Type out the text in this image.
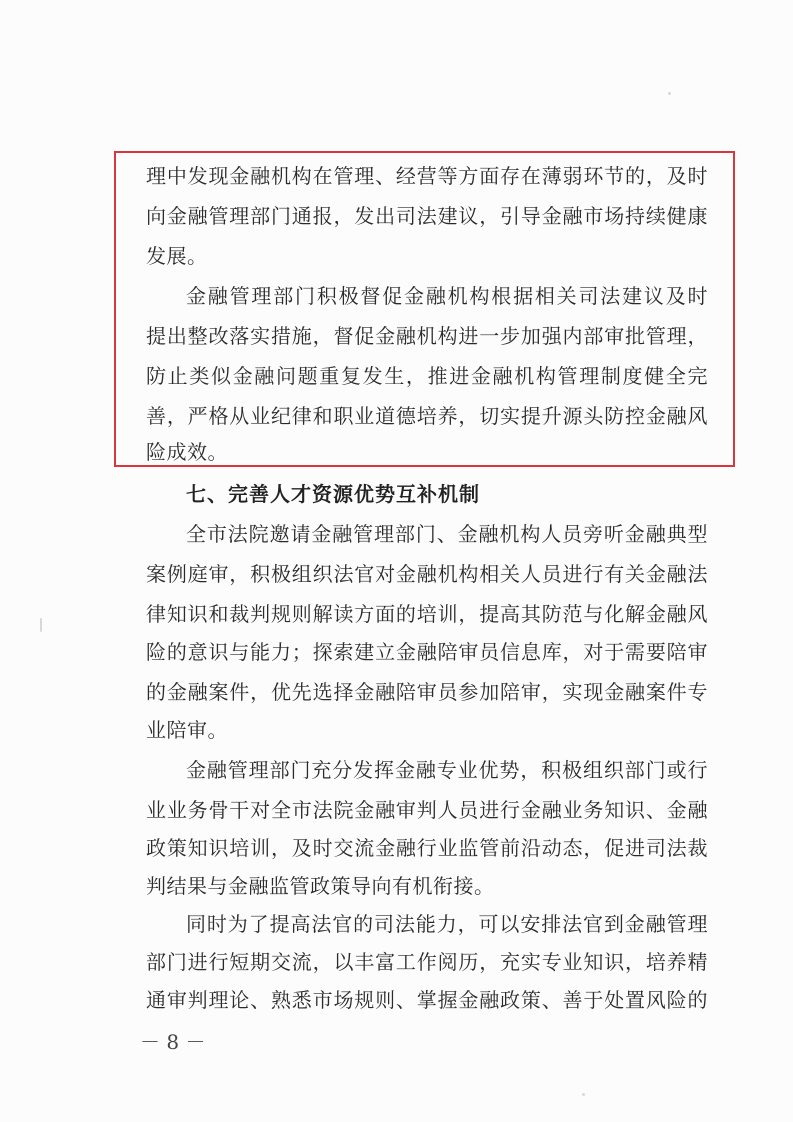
理中发现金融机构在管理、经营等方面存在薄弱环节的，及时
向金融管理部门通报，发出司法建议，引导金融市场持续健康
发展。
金融管理部门积极督促金融机构根据相关司法建议及时
提出整改落实措施，督促金融机构进一步加强内部审批管理，
防止类似金融问题重复发生，推进金融机构管理制度健全完
善，严格从业纪律和职业道德培养，切实提升源头防控金融风
险成效。
七、完善人才资源优势互补机制
全市法院邀请金融管理部门、金融机构人员旁听金融典型
案例庭审，积极组织法官对金融机构相关人员进行有关金融法
律知识和裁判规则解读方面的培训，提高其防范与化解金融风
险的意识与能力；探索建立金融陪审员信息库，对于需要陪审
的金融案件，优先选择金融陪审员参加陪审，实现金融案件专
业陪审。
金融管理部门充分发挥金融专业优势，积极组织部门或行
业业务骨干对全市法院金融审判人员进行金融业务知识、金融
政策知识培训，及时交流金融行业监管前沿动态，促进司法裁
判结果与金融监管政策导向有机衔接。
同时为了提高法官的司法能力，可以安排法官到金融管理
部门进行短期交流，以丰富工作阅历，充实专业知识，培养精
通审判理论、熟悉市场规则、掌握金融政策、善于处置风险的
－ 8 －
